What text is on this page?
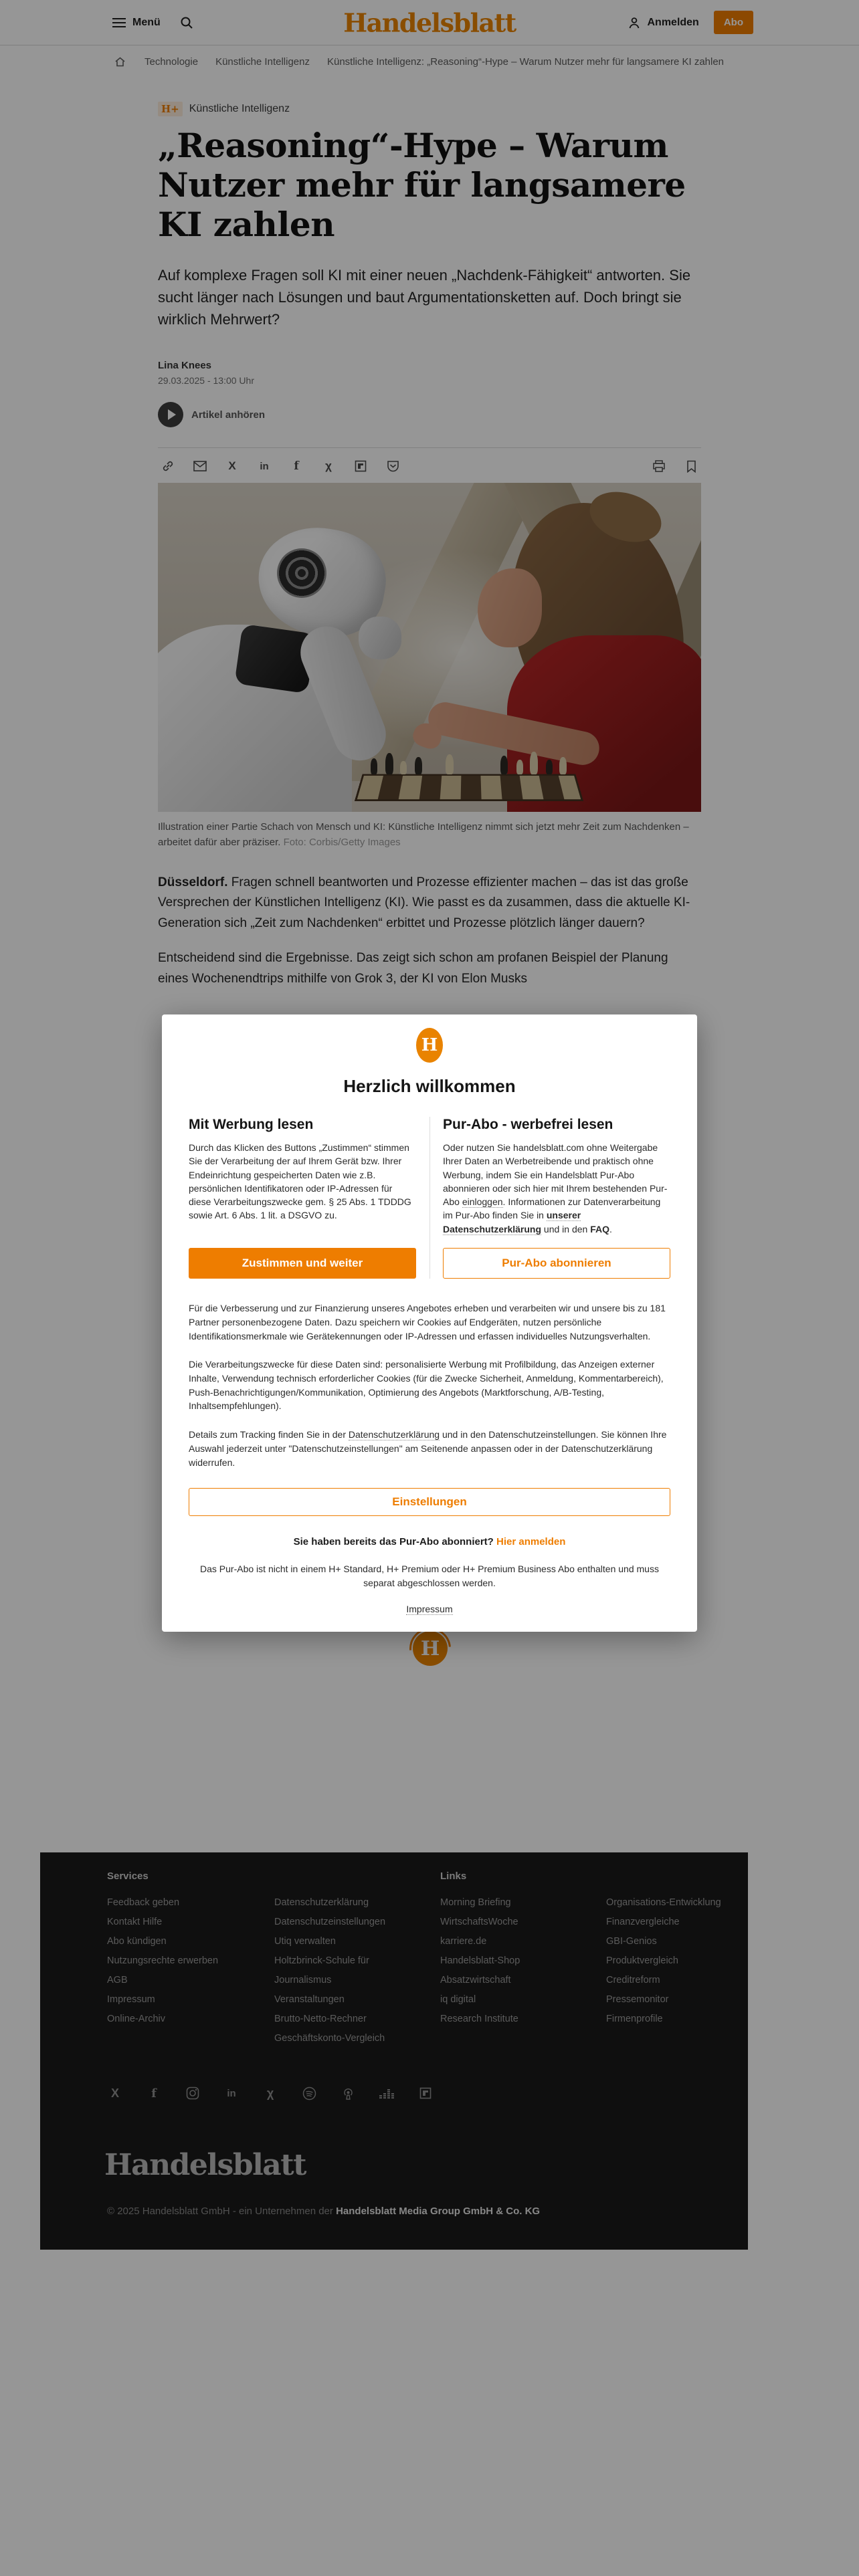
Menü	Handelsblatt	Anmelden	Abo
Technologie Künstliche Intelligenz Künstliche Intelligenz: „Reasoning“-Hype – Warum Nutzer mehr für langsamere KI zahlen
H+ Künstliche Intelligenz
„Reasoning“-Hype – Warum Nutzer mehr für langsamere KI zahlen

Auf komplexe Fragen soll KI mit einer neuen „Nachdenk-Fähigkeit“ antworten. Sie sucht länger nach Lösungen und baut Argumentationsketten auf. Doch bringt sie wirklich Mehrwert?

Lina Knees
29.03.2025 - 13:00 Uhr
Artikel anhören
X	in	f	χ
Illustration einer Partie Schach von Mensch und KI: Künstliche Intelligenz nimmt sich jetzt mehr Zeit zum Nachdenken – arbeitet dafür aber präziser. Foto: Corbis/Getty Images

Düsseldorf. Fragen schnell beantworten und Prozesse effizienter machen – das ist das große Versprechen der Künstlichen Intelligenz (KI). Wie passt es da zusammen, dass die aktuelle KI-Generation sich „Zeit zum Nachdenken“ erbittet und Prozesse plötzlich länger dauern?

Entscheidend sind die Ergebnisse. Das zeigt sich schon am profanen Beispiel der Planung eines Wochenendtrips mithilfe von Grok 3, der KI von Elon Musks

H
Services
Feedback geben
Kontakt Hilfe
Abo kündigen
Nutzungsrechte erwerben
AGB
Impressum
Online-Archiv
Datenschutzerklärung
Datenschutzeinstellungen
Utiq verwalten
Holtzbrinck-Schule für Journalismus
Veranstaltungen
Brutto-Netto-Rechner
Geschäftskonto-Vergleich
Links
Morning Briefing
WirtschaftsWoche
karriere.de
Handelsblatt-Shop
Absatzwirtschaft
iq digital
Research Institute
Organisations-Entwicklung
Finanzvergleiche
GBI-Genios
Produktvergleich
Creditreform
Pressemonitor
Firmenprofile
X	f	in	χ
Handelsblatt
© 2025 Handelsblatt GmbH - ein Unternehmen der Handelsblatt Media Group GmbH & Co. KG
H
Herzlich willkommen
Mit Werbung lesen
Durch das Klicken des Buttons „Zustimmen“ stimmen Sie der Verarbeitung der auf Ihrem Gerät bzw. Ihrer Endeinrichtung gespeicherten Daten wie z.B. persönlichen Identifikatoren oder IP-Adressen für diese Verarbeitungszwecke gem. § 25 Abs. 1 TDDDG sowie Art. 6 Abs. 1 lit. a DSGVO zu.
Zustimmen und weiter
Pur-Abo - werbefrei lesen
Oder nutzen Sie handelsblatt.com ohne Weitergabe Ihrer Daten an Werbetreibende und praktisch ohne Werbung, indem Sie ein Handelsblatt Pur-Abo abonnieren oder sich hier mit Ihrem bestehenden Pur-Abo einloggen. Informationen zur Datenverarbeitung im Pur-Abo finden Sie in unserer Datenschutzerklärung und in den FAQ.
Pur-Abo abonnieren
Für die Verbesserung und zur Finanzierung unseres Angebotes erheben und verarbeiten wir und unsere bis zu 181 Partner personenbezogene Daten. Dazu speichern wir Cookies auf Endgeräten, nutzen persönliche Identifikationsmerkmale wie Gerätekennungen oder IP-Adressen und erfassen individuelles Nutzungsverhalten.
Die Verarbeitungszwecke für diese Daten sind: personalisierte Werbung mit Profilbildung, das Anzeigen externer Inhalte, Verwendung technisch erforderlicher Cookies (für die Zwecke Sicherheit, Anmeldung, Kommentarbereich), Push-Benachrichtigungen/Kommunikation, Optimierung des Angebots (Marktforschung, A/B-Testing, Inhaltsempfehlungen).
Details zum Tracking finden Sie in der Datenschutzerklärung und in den Datenschutzeinstellungen. Sie können Ihre Auswahl jederzeit unter "Datenschutzeinstellungen" am Seitenende anpassen oder in der Datenschutzerklärung widerrufen.
Einstellungen
Sie haben bereits das Pur-Abo abonniert? Hier anmelden
Das Pur-Abo ist nicht in einem H+ Standard, H+ Premium oder H+ Premium Business Abo enthalten und muss separat abgeschlossen werden.
Impressum
